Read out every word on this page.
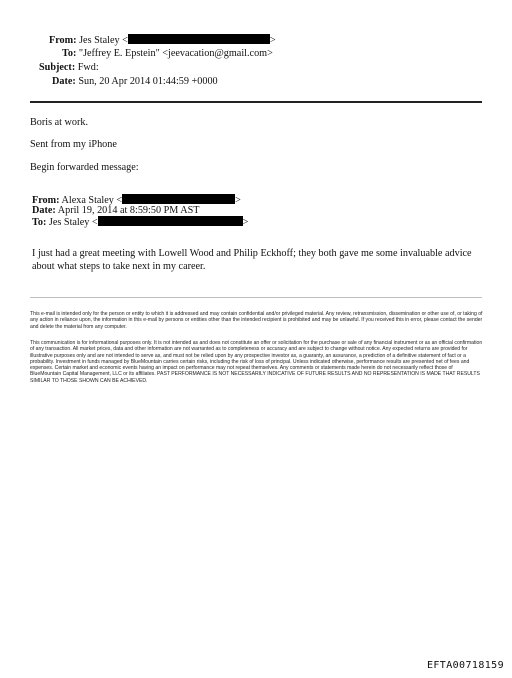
From: Jes Staley <	>
To: "Jeffrey E. Epstein" <jeevacation@gmail.com>
Subject: Fwd:
Date: Sun, 20 Apr 2014 01:44:59 +0000
Boris at work.
Sent from my iPhone
Begin forwarded message:
From: Alexa Staley <	>
Date: April 19, 2014 at 8:59:50 PM AST
To: Jes Staley <	>
I just had a great meeting with Lowell Wood and Philip Eckhoff; they both gave me some invaluable advice about what steps to take next in my career.

This e-mail is intended only for the person or entity to which it is addressed and may contain confidential and/or privileged material. Any review, retransmission, dissemination or other use of, or taking of any action in reliance upon, the information in this e-mail by persons or entities other than the intended recipient is prohibited and may be unlawful. If you received this in error, please contact the sender and delete the material from any computer.

This communication is for informational purposes only. It is not intended as and does not constitute an offer or solicitation for the purchase or sale of any financial instrument or as an official confirmation of any transaction. All market prices, data and other information are not warranted as to completeness or accuracy and are subject to change without notice. Any expected returns are provided for illustrative purposes only and are not intended to serve as, and must not be relied upon by any prospective investor as, a guaranty, an assurance, a prediction of a definitive statement of fact or a probability. Investment in funds managed by BlueMountain carries certain risks, including the risk of loss of principal. Unless indicated otherwise, performance results are presented net of fees and expenses. Certain market and economic events having an impact on performance may not repeat themselves. Any comments or statements made herein do not necessarily reflect those of BlueMountain Capital Management, LLC or its affiliates. PAST PERFORMANCE IS NOT NECESSARILY INDICATIVE OF FUTURE RESULTS AND NO REPRESENTATION IS MADE THAT RESULTS SIMILAR TO THOSE SHOWN CAN BE ACHIEVED.

EFTA00718159
